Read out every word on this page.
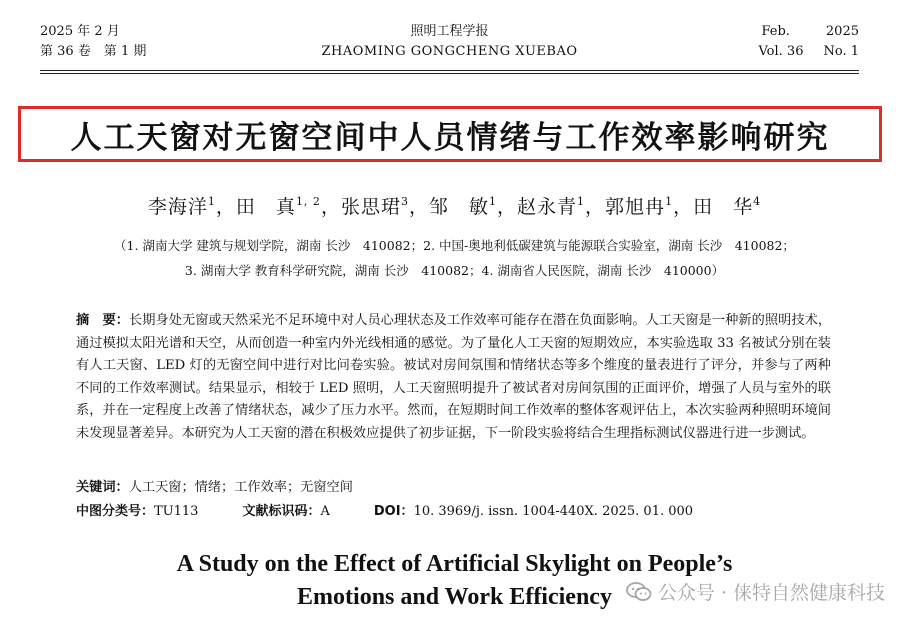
2025 年 2 月
第 36 卷　第 1 期
照明工程学报
ZHAOMING GONGCHENG XUEBAO
Feb.	2025
Vol. 36 No. 1
人工天窗对无窗空间中人员情绪与工作效率影响研究
李海洋$^1$，田　真$^{1, 2}$，张思珺$^3$，邹　敏$^1$，赵永青$^1$，郭旭冉$^1$，田　华$^4$
（1. 湖南大学 建筑与规划学院，湖南 长沙　410082；2. 中国-奥地利低碳建筑与能源联合实验室，湖南 长沙　410082；
3. 湖南大学 教育科学研究院，湖南 长沙　410082；4. 湖南省人民医院，湖南 长沙　410000）
摘　要：长期身处无窗或天然采光不足环境中对人员心理状态及工作效率可能存在潜在负面影响。人工天窗是一种新的照明技术，通过模拟太阳光谱和天空，从而创造一种室内外光线相通的感觉。为了量化人工天窗的短期效应，本实验选取 33 名被试分别在装有人工天窗、LED 灯的无窗空间中进行对比问卷实验。被试对房间氛围和情绪状态等多个维度的量表进行了评分，并参与了两种不同的工作效率测试。结果显示，相较于 LED 照明，人工天窗照明提升了被试者对房间氛围的正面评价，增强了人员与室外的联系，并在一定程度上改善了情绪状态，减少了压力水平。然而，在短期时间工作效率的整体客观评估上，本次实验两种照明环境间未发现显著差异。本研究为人工天窗的潜在积极效应提供了初步证据，下一阶段实验将结合生理指标测试仪器进行进一步测试。
关键词：人工天窗；情绪；工作效率；无窗空间
中图分类号：TU113	文献标识码：A	DOI：10. 3969/j. issn. 1004-440X. 2025. 01. 000
A Study on the Effect of Artificial Skylight on People’s
Emotions and Work Efficiency	公众号 · 俫特自然健康科技
